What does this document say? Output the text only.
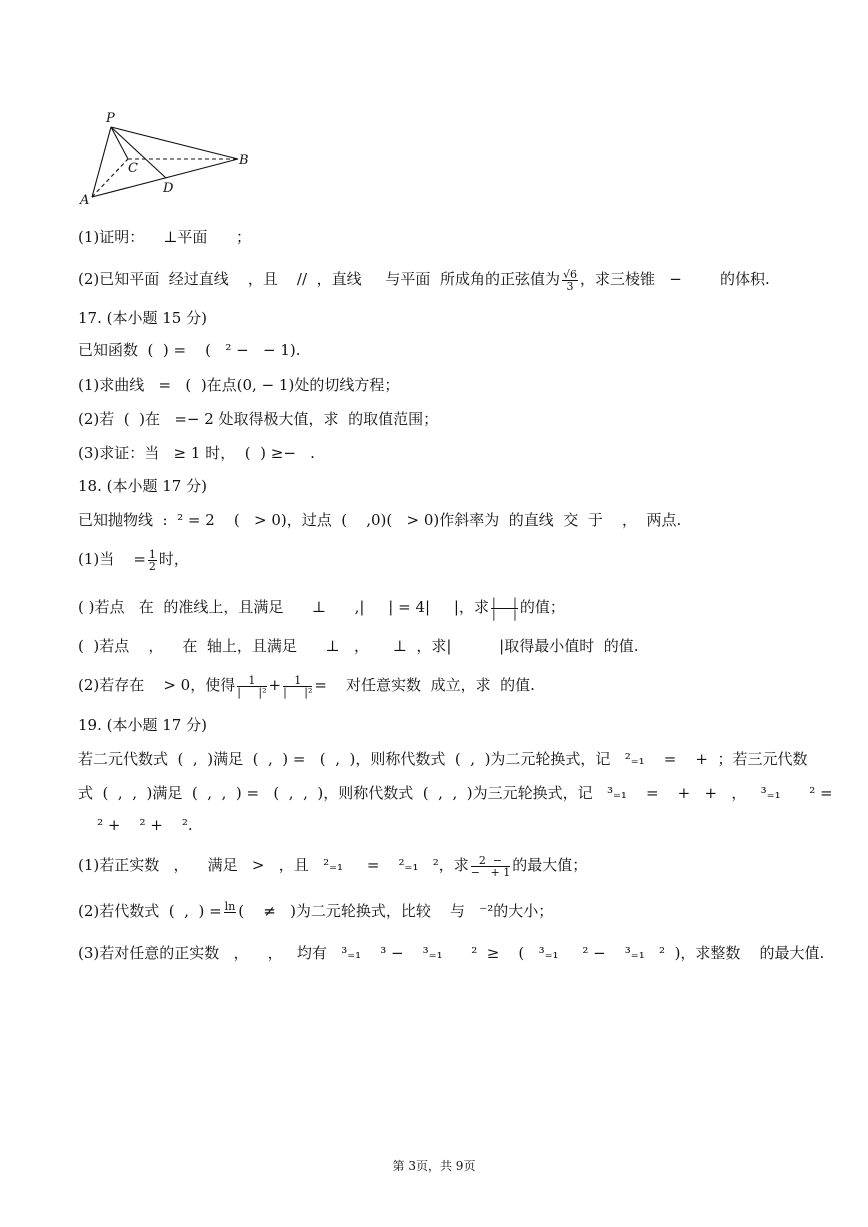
P
A
B
C
D
(1)证明：    ⊥平面      ；
(2)已知平面  经过直线    ，且    //  ，直线     与平面  所成角的正弦值为 $\frac{√6}{3}$ ，求三棱锥   −        的体积.
17. (本小题 15 分)
已知函数  (  ) =    (   ² −   − 1).
(1)求曲线   =   (  )在点(0, − 1)处的切线方程；
(2)若  (  )在   =− 2 处取得极大值，求  的取值范围；
(3)求证：当   ≥ 1 时，  (  ) ≥−   .
18. (本小题 17 分)
已知抛物线  :  ² = 2    (   > 0)，过点  (    ,0)(   > 0)作斜率为  的直线  交  于    ，  两点.
(1)当    = $\frac{1}{2}$ 时，
( )若点   在  的准线上，且满足      ⊥      ,|     | = 4|     |，求 $\frac{| |}{| |}$ 的值；
(  )若点    ，    在  轴上，且满足      ⊥   ，     ⊥  ，求|          |取得最小值时  的值.
(2)若存在    > 0，使得 $\frac{1}{\text{|     |²}} + \frac{1}{\text{|     |²}}$ =    对任意实数  成立，求  的值.
19. (本小题 17 分)
若二元代数式  (  ,  )满足  (  ,  ) =   (  ,  )，则称代数式  (  ,  )为二元轮换式，记   ²₌₁    =    +  ；若三元代数
式  (  ,  ,  )满足  (  ,  ,  ) =   (  ,  ,  )，则称代数式  (  ,  ,  )为三元轮换式，记   ³₌₁    =    +   +   ，   ³₌₁      ² =
² +    ² +    ².
(1)若正实数   ，    满足   >   ，且   ²₌₁     =    ²₌₁   ²，求 $\frac{2 -}{- + 1}$ 的最大值；
(2)若代数式  (  ,  ) = ln
(    ≠   )为二元轮换式，比较    与   ⁻²的大小；
(3)若对任意的正实数   ，    ，   均有   ³₌₁    ³ −    ³₌₁      ²  ≥    (   ³₌₁     ² −    ³₌₁   ²  )，求整数    的最大值.
第 3页，共 9页
